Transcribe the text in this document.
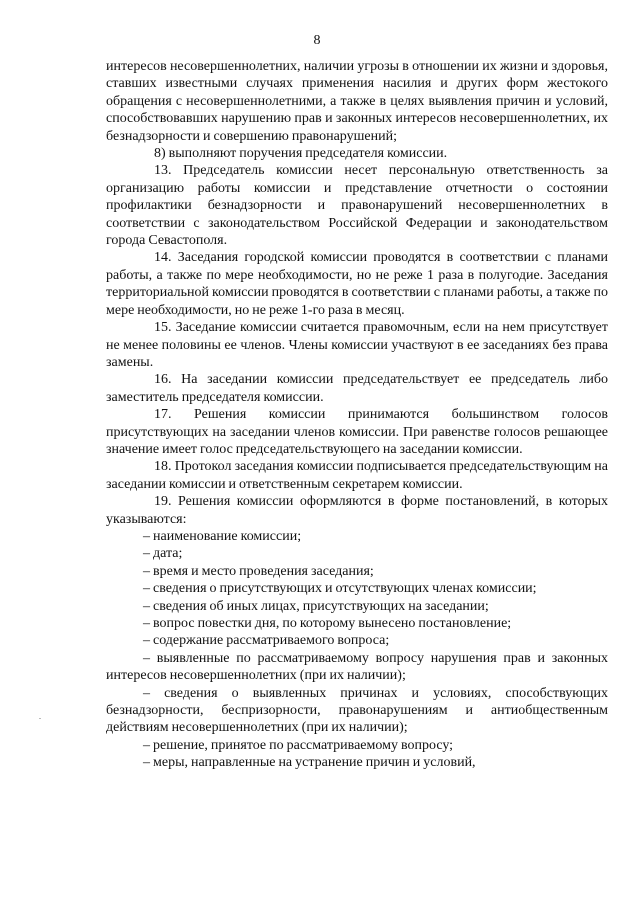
8

интересов несовершеннолетних, наличии угрозы в отношении их жизни и здоровья, ставших известными случаях применения насилия и других форм жестокого обращения с несовершеннолетними, а также в целях выявления причин и условий, способствовавших нарушению прав и законных интересов несовершеннолетних, их безнадзорности и совершению правонарушений;

8) выполняют поручения председателя комиссии.

13. Председатель комиссии несет персональную ответственность за организацию работы комиссии и представление отчетности о состоянии профилактики безнадзорности и правонарушений несовершеннолетних в соответствии с законодательством Российской Федерации и законодательством города Севастополя.

14. Заседания городской комиссии проводятся в соответствии с планами работы, а также по мере необходимости, но не реже 1 раза в полугодие. Заседания территориальной комиссии проводятся в соответствии с планами работы, а также по мере необходимости, но не реже 1-го раза в месяц.

15. Заседание комиссии считается правомочным, если на нем присутствует не менее половины ее членов. Члены комиссии участвуют в ее заседаниях без права замены.

16. На заседании комиссии председательствует ее председатель либо заместитель председателя комиссии.

17. Решения комиссии принимаются большинством голосов присутствующих на заседании членов комиссии. При равенстве голосов решающее значение имеет голос председательствующего на заседании комиссии.

18. Протокол заседания комиссии подписывается председательствующим на заседании комиссии и ответственным секретарем комиссии.

19. Решения комиссии оформляются в форме постановлений, в которых указываются:

– наименование комиссии;

– дата;

– время и место проведения заседания;

– сведения о присутствующих и отсутствующих членах комиссии;

– сведения об иных лицах, присутствующих на заседании;

– вопрос повестки дня, по которому вынесено постановление;

– содержание рассматриваемого вопроса;

– выявленные по рассматриваемому вопросу нарушения прав и законных интересов несовершеннолетних (при их наличии);

– сведения о выявленных причинах и условиях, способствующих безнадзорности, беспризорности, правонарушениям и антиобщественным действиям несовершеннолетних (при их наличии);

– решение, принятое по рассматриваемому вопросу;

– меры, направленные на устранение причин и условий,
